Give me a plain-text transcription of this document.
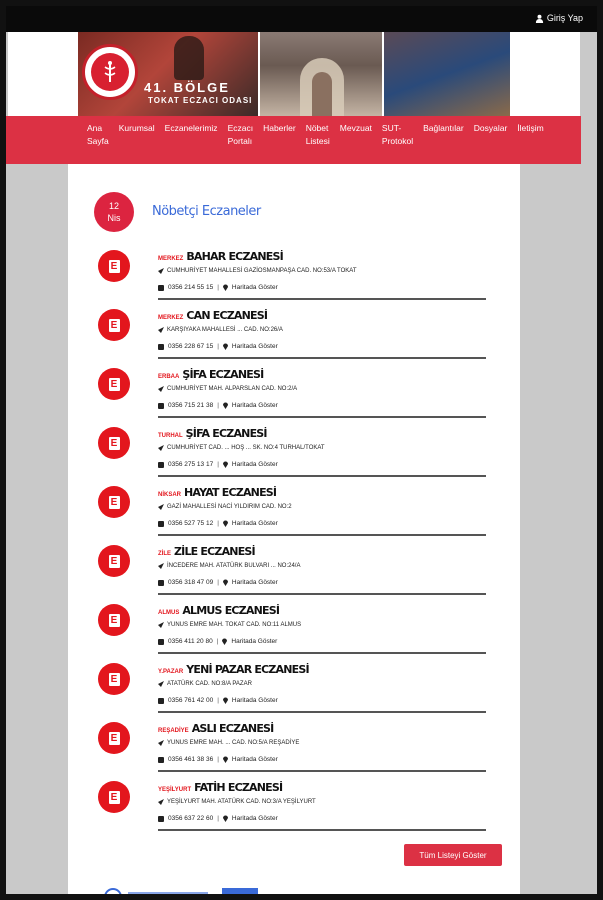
Giriş Yap
41. BÖLGE
TOKAT ECZACI ODASI
Ana
Sayfa
Kurumsal	Eczanelerimiz	Eczacı
Portalı
Haberler	Nöbet
Listesi
Mevzuat	SUT-
Protokol
Bağlantılar	Dosyalar	İletişim
12
Nis	Nöbetçi Eczaneler
E
MERKEZ BAHAR ECZANESİ
CUMHURİYET MAHALLESİ GAZİOSMANPAŞA CAD. NO:53/A TOKAT
0356 214 55 15 | Haritada Göster
E
MERKEZ CAN ECZANESİ
KARŞIYAKA MAHALLESİ ... CAD. NO:26/A
0356 228 67 15 | Haritada Göster
E
ERBAA ŞİFA ECZANESİ
CUMHURİYET MAH. ALPARSLAN CAD. NO:2/A
0356 715 21 38 | Haritada Göster
E
TURHAL ŞİFA ECZANESİ
CUMHURİYET CAD. ... HOŞ ... SK. NO:4 TURHAL/TOKAT
0356 275 13 17 | Haritada Göster
E
NİKSAR HAYAT ECZANESİ
GAZİ MAHALLESİ NACİ YILDIRIM CAD. NO:2
0356 527 75 12 | Haritada Göster
E
ZİLE ZİLE ECZANESİ
İNCEDERE MAH. ATATÜRK BULVARI ... NO:24/A
0356 318 47 09 | Haritada Göster
E
ALMUS ALMUS ECZANESİ
YUNUS EMRE MAH. TOKAT CAD. NO:11 ALMUS
0356 411 20 80 | Haritada Göster
E
Y.PAZAR YENİ PAZAR ECZANESİ
ATATÜRK CAD. NO:8/A PAZAR
0356 761 42 00 | Haritada Göster
E
REŞADİYE ASLI ECZANESİ
YUNUS EMRE MAH. ... CAD. NO:5/A REŞADİYE
0356 461 38 36 | Haritada Göster
E
YEŞİLYURT FATİH ECZANESİ
YEŞİLYURT MAH. ATATÜRK CAD. NO:3/A YEŞİLYURT
0356 637 22 60 | Haritada Göster
Tüm Listeyi Göster
